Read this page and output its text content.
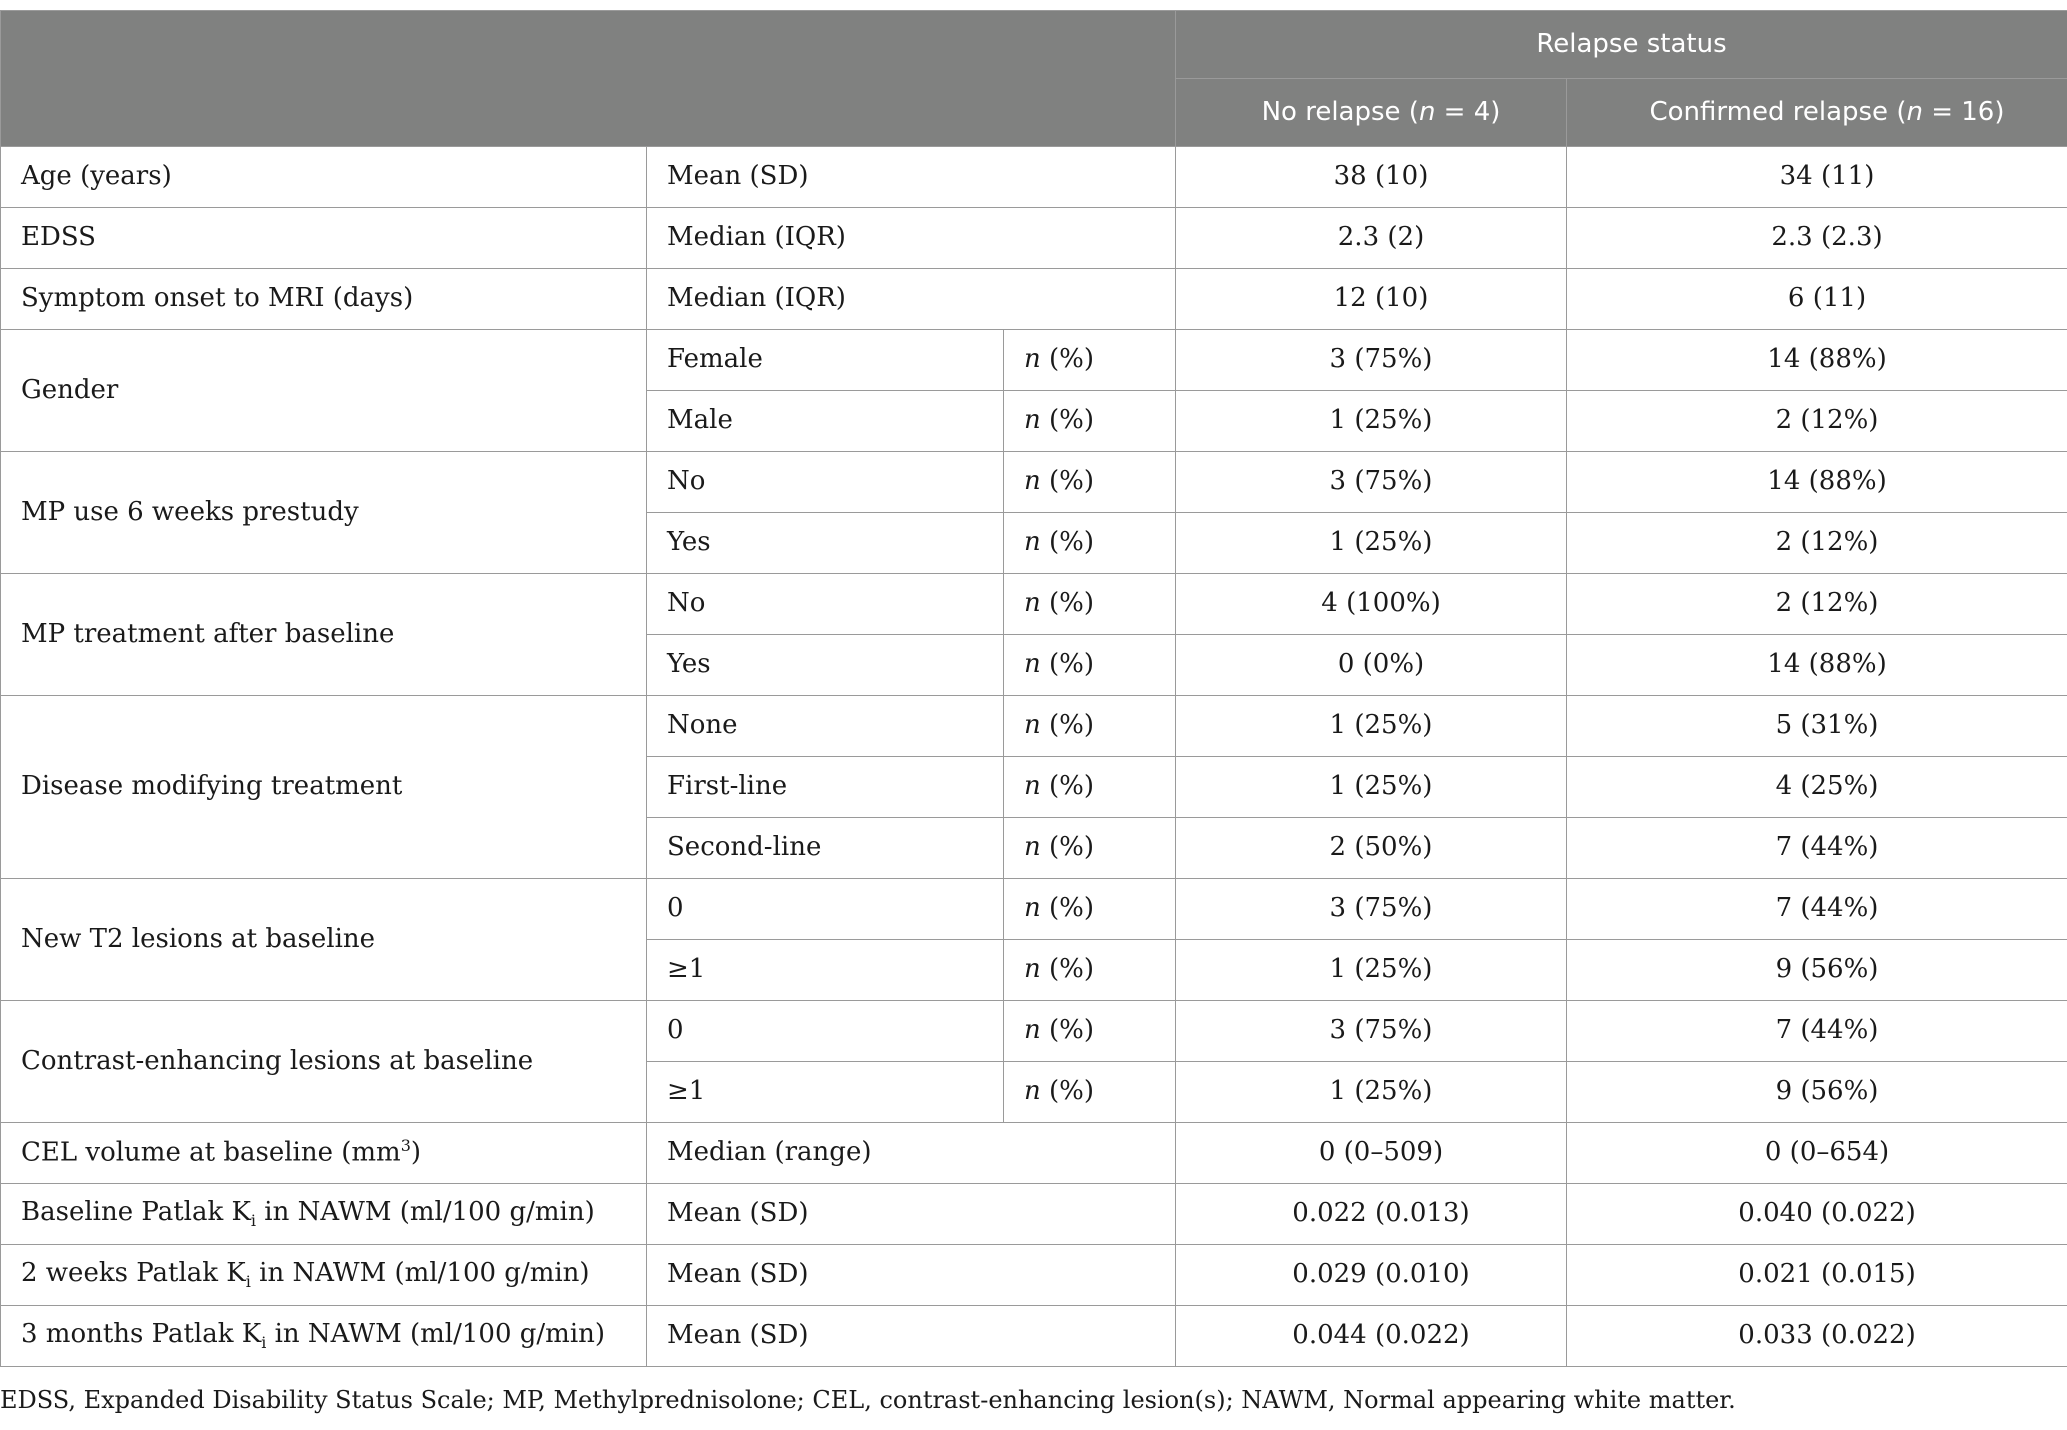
			Relapse status	
			No relapse (n = 4)	Confirmed relapse (n = 16)
Age (years)	Mean (SD)		38 (10)	34 (11)
EDSS	Median (IQR)		2.3 (2)	2.3 (2.3)
Symptom onset to MRI (days)	Median (IQR)		12 (10)	6 (11)
Gender	Female	n (%)	3 (75%)	14 (88%)
	Male	n (%)	1 (25%)	2 (12%)
MP use 6 weeks prestudy	No	n (%)	3 (75%)	14 (88%)
	Yes	n (%)	1 (25%)	2 (12%)
MP treatment after baseline	No	n (%)	4 (100%)	2 (12%)
	Yes	n (%)	0 (0%)	14 (88%)
Disease modifying treatment	None	n (%)	1 (25%)	5 (31%)
	First-line	n (%)	1 (25%)	4 (25%)
	Second-line	n (%)	2 (50%)	7 (44%)
New T2 lesions at baseline	0	n (%)	3 (75%)	7 (44%)
	≥1	n (%)	1 (25%)	9 (56%)
Contrast-enhancing lesions at baseline	0	n (%)	3 (75%)	7 (44%)
	≥1	n (%)	1 (25%)	9 (56%)
CEL volume at baseline $(mm^3)$	Median (range)		0 (0–509)	0 (0–654)
Baseline Patlak $K_i$ in NAWM (ml/100 g/min)	Mean (SD)		0.022 (0.013)	0.040 (0.022)
2 weeks Patlak $K_i$ in NAWM (ml/100 g/min)	Mean (SD)		0.029 (0.010)	0.021 (0.015)
3 months Patlak $K_i$ in NAWM (ml/100 g/min)	Mean (SD)		0.044 (0.022)	0.033 (0.022)
EDSS, Expanded Disability Status Scale; MP, Methylprednisolone; CEL, contrast-enhancing lesion(s); NAWM, Normal appearing white matter.
